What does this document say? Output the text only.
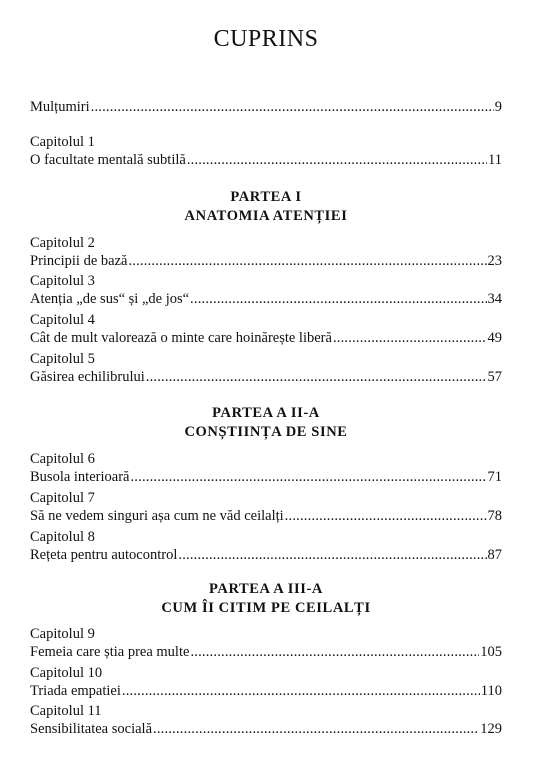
CUPRINS
Mulțumiri .....	9
Capitolul 1
O facultate mentală subtilă .....	11
PARTEA I
ANATOMIA ATENȚIEI
Capitolul 2
Principii de bază .....	23
Capitolul 3
Atenția „de sus“ și „de jos“ .....	34
Capitolul 4
Cât de mult valorează o minte care hoinărește liberă .....	49
Capitolul 5
Găsirea echilibrului .....	57
PARTEA A II-A
CONȘTIINȚA DE SINE
Capitolul 6
Busola interioară .....	71
Capitolul 7
Să ne vedem singuri așa cum ne văd ceilalți .....	78
Capitolul 8
Rețeta pentru autocontrol .....	87
PARTEA A III-A
CUM ÎI CITIM PE CEILALȚI
Capitolul 9
Femeia care știa prea multe .....	105
Capitolul 10
Triada empatiei .....	110
Capitolul 11
Sensibilitatea socială .....	129
